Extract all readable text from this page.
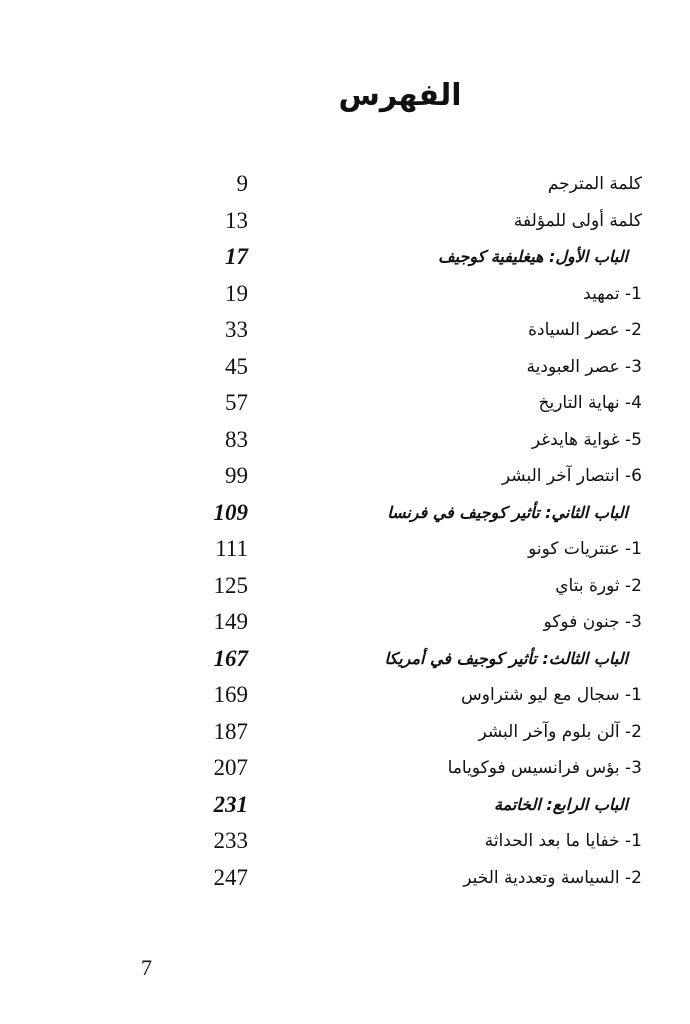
الفهرس
كلمة المترجم
9
كلمة أولى للمؤلفة
13
الباب الأول: هيغليفية كوجيف
17
1- تمهيد
19
2- عصر السيادة
33
3- عصر العبودية
45
4- نهاية التاريخ
57
5- غواية هايدغر
83
6- انتصار آخر البشر
99
الباب الثاني: تأثير كوجيف في فرنسا
109
1- عنتريات كونو
111
2- ثورة بتاي
125
3- جنون فوكو
149
الباب الثالث: تأثير كوجيف في أمريكا
167
1- سجال مع ليو شتراوس
169
2- آلن بلوم وآخر البشر
187
3- بؤس فرانسيس فوكوياما
207
الباب الرابع: الخاتمة
231
1- خفايا ما بعد الحداثة
233
2- السياسة وتعددية الخير
247
7
